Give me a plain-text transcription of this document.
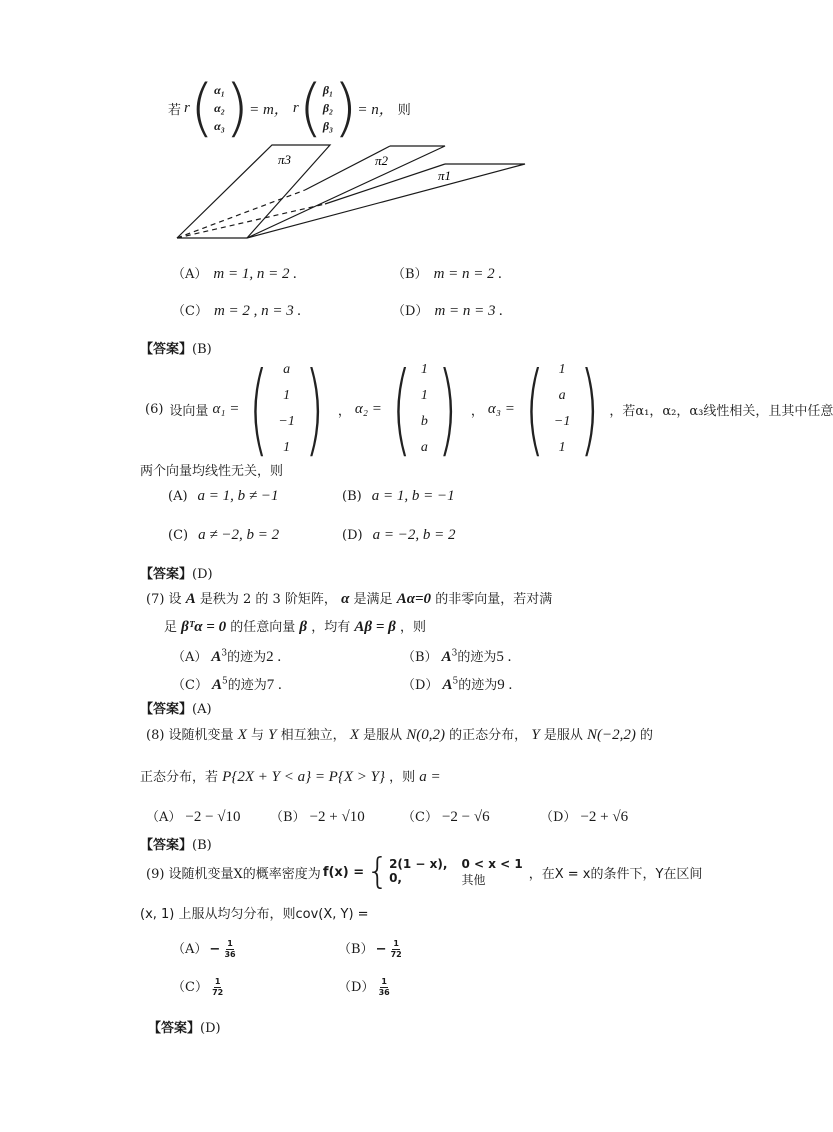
若 r ( α₁
α₂
α₃ ) = m， r ( β₁
β₂
β₃ ) = n， 则
π3	π2
π1
（A） m = 1, n = 2 .	（B） m = n = 2 .
（C） m = 2 , n = 3 .	（D） m = n = 3 .
【答案】(B)
(6) 设向量 α₁ = ( a
1
−1
1 ) ， α₂ = ( 1
1
b
a ) ， α₃ = ( 1
a
−1
1 ) ，若α₁，α₂，α₃线性相关，且其中任意
两个向量均线性无关，则
(A) a = 1, b ≠ −1	(B) a = 1, b = −1
(C) a ≠ −2, b = 2	(D) a = −2, b = 2
【答案】(D)
(7) 设 A 是秩为 2 的 3 阶矩阵， α 是满足 Aα=0 的非零向量，若对满
足 βᵀα = 0 的任意向量 β ，均有 Aβ = β ，则
（A） $A^3$的迹为2 .	（B） $A^3$的迹为5 .
（C） $A^5$的迹为7 .	（D） $A^5$的迹为9 .
【答案】(A)
(8) 设随机变量 X 与 Y 相互独立， X 是服从 N(0,2) 的正态分布， Y 是服从 N(−2,2) 的
正态分布，若 P{2X + Y < a} = P{X > Y} ，则 a =
（A） −2 − √10 （B） −2 + √10	（C） −2 − √6	（D） −2 + √6
【答案】(B)
(9) 设随机变量X的概率密度为 f(x) = { 2(1 − x), 0 < x < 1
0,	其他	，在X = x的条件下，Y在区间
(x, 1) 上服从均匀分布，则cov(X, Y) =
$(A) - \frac{1}{36}$	$(B) - \frac{1}{72}$
$(C) \frac{1}{72}$	$(D) \frac{1}{36}$
【答案】(D)
